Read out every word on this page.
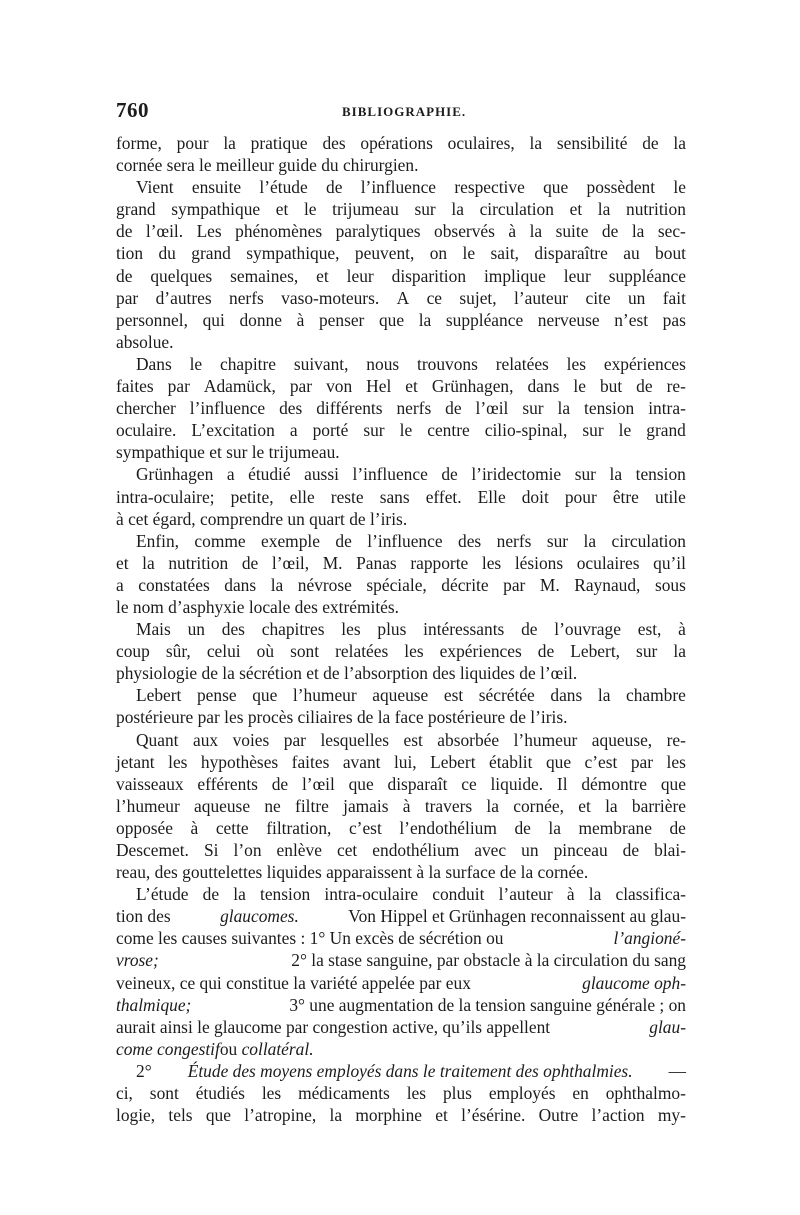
760	BIBLIOGRAPHIE.
forme, pour la pratique des opérations oculaires, la sensibilité de la
cornée sera le meilleur guide du chirurgien.
Vient ensuite l’étude de l’influence respective que possèdent le
grand sympathique et le trijumeau sur la circulation et la nutrition
de l’œil. Les phénomènes paralytiques observés à la suite de la sec-
tion du grand sympathique, peuvent, on le sait, disparaître au bout
de quelques semaines, et leur disparition implique leur suppléance
par d’autres nerfs vaso-moteurs. A ce sujet, l’auteur cite un fait
personnel, qui donne à penser que la suppléance nerveuse n’est pas
absolue.
Dans le chapitre suivant, nous trouvons relatées les expériences
faites par Adamück, par von Hel et Grünhagen, dans le but de re-
chercher l’influence des différents nerfs de l’œil sur la tension intra-
oculaire. L’excitation a porté sur le centre cilio-spinal, sur le grand
sympathique et sur le trijumeau.
Grünhagen a étudié aussi l’influence de l’iridectomie sur la tension
intra-oculaire; petite, elle reste sans effet. Elle doit pour être utile
à cet égard, comprendre un quart de l’iris.
Enfin, comme exemple de l’influence des nerfs sur la circulation
et la nutrition de l’œil, M. Panas rapporte les lésions oculaires qu’il
a constatées dans la névrose spéciale, décrite par M. Raynaud, sous
le nom d’asphyxie locale des extrémités.
Mais un des chapitres les plus intéressants de l’ouvrage est, à
coup sûr, celui où sont relatées les expériences de Lebert, sur la
physiologie de la sécrétion et de l’absorption des liquides de l’œil.
Lebert pense que l’humeur aqueuse est sécrétée dans la chambre
postérieure par les procès ciliaires de la face postérieure de l’iris.
Quant aux voies par lesquelles est absorbée l’humeur aqueuse, re-
jetant les hypothèses faites avant lui, Lebert établit que c’est par les
vaisseaux efférents de l’œil que disparaît ce liquide. Il démontre que
l’humeur aqueuse ne filtre jamais à travers la cornée, et la barrière
opposée à cette filtration, c’est l’endothélium de la membrane de
Descemet. Si l’on enlève cet endothélium avec un pinceau de blai-
reau, des gouttelettes liquides apparaissent à la surface de la cornée.
L’étude de la tension intra-oculaire conduit l’auteur à la classifica-
tion des	glaucomes.	Von Hippel et Grünhagen reconnaissent au glau-
come les causes suivantes : 1° Un excès de sécrétion ou	l’angioné-
vrose;	2° la stase sanguine, par obstacle à la circulation du sang
veineux, ce qui constitue la variété appelée par eux	glaucome oph-
thalmique;	3° une augmentation de la tension sanguine générale ; on
aurait ainsi le glaucome par congestion active, qu’ils appellent	glau-
come congestif ou
collatéral.
2° Étude des moyens employés dans le traitement des ophthalmies. —
ci, sont étudiés les médicaments les plus employés en ophthalmo-
logie, tels que l’atropine, la morphine et l’ésérine. Outre l’action my-
